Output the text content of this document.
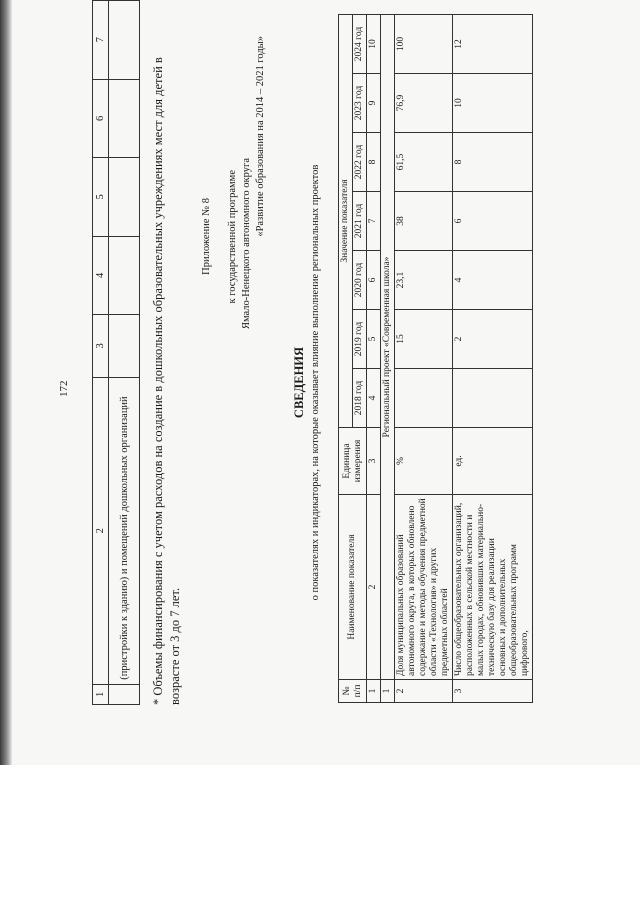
172
1	2	3	4	5	6	7
	(пристройки к зданию) и помещений дошкольных организаций					* Объемы финансирования с учетом расходов на создание в дошкольных образовательных учреждениях мест для детей в возрасте от 3 до 7 лет.
Приложение № 8 к государственной программе Ямало-Ненецкого автономного округа
«Развитие образования на 2014 – 2021 годы»
СВЕДЕНИЯ о показателях и индикаторах, на которые оказывает влияние выполнение региональных проектов
№ п/п	Наименование показателя	Единица измерения	Значение показателя						
			2018 год	2019 год	2020 год	2021 год	2022 год	2023 год	2024 год
1	2	3	4	5	6	7	8	9	10
1	Региональный проект «Современная школа»								
2	Доля муниципальных образований автономного округа, в которых обновлено содержание и методы обучения предметной области «Технология» и других предметных областей	%		15	23,1	38	61,5	76,9	100
3	Число общеобразовательных организаций, расположенных в сельской местности и малых городах, обновивших материально-техническую базу для реализации основных и дополнительных общеобразовательных программ цифрового,	ед.		2	4	6	8	10	12
